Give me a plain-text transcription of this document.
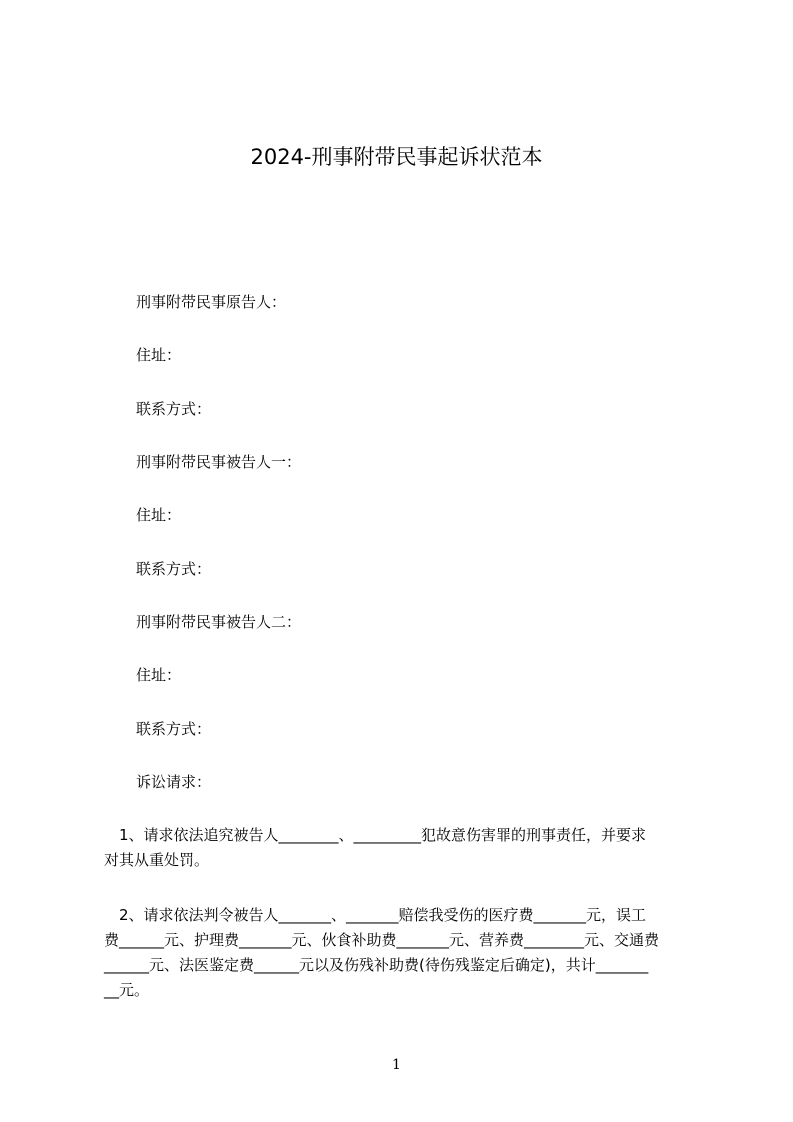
2024-刑事附带民事起诉状范本
刑事附带民事原告人：
住址：
联系方式：
刑事附带民事被告人一：
住址：
联系方式：
刑事附带民事被告人二：
住址：
联系方式：
诉讼请求：
　1、请求依法追究被告人________、_________犯故意伤害罪的刑事责任，并要求
对其从重处罚。
　2、请求依法判令被告人_______、_______赔偿我受伤的医疗费_______元，误工
费______元、护理费_______元、伙食补助费_______元、营养费________元、交通费
______元、法医鉴定费______元以及伤残补助费(待伤残鉴定后确定)，共计_______
__元。
1
